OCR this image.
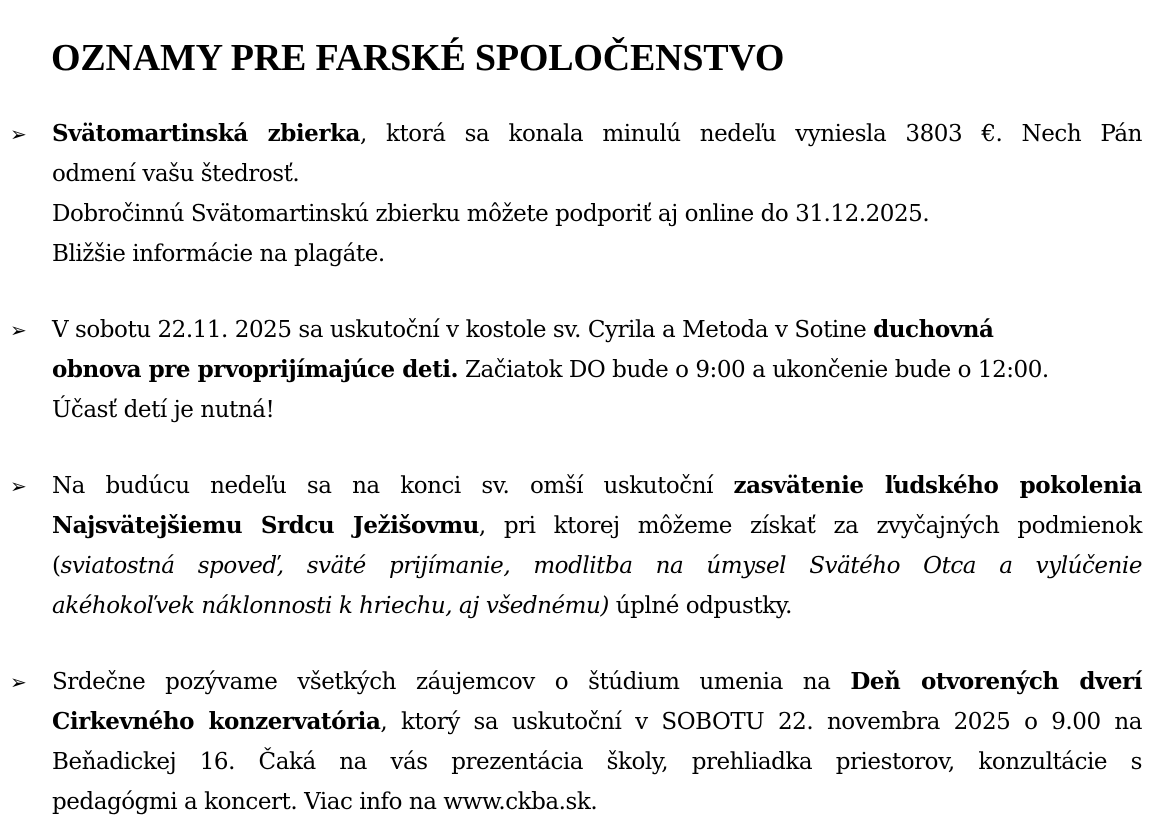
OZNAMY PRE FARSKÉ SPOLOČENSTVO
➢	Svätomartinská zbierka, ktorá sa konala minulú nedeľu vyniesla 3803 €. Nech Pán
odmení vašu štedrosť.
Dobročinnú Svätomartinskú zbierku môžete podporiť aj online do 31.12.2025.
Bližšie informácie na plagáte.
➢	V sobotu 22.11. 2025 sa uskutoční v kostole sv. Cyrila a Metoda v Sotine duchovná
obnova pre prvoprijímajúce deti. Začiatok DO bude o 9:00 a ukončenie bude o 12:00.
Účasť detí je nutná!
➢	Na budúcu nedeľu sa na konci sv. omší uskutoční zasvätenie ľudského pokolenia
Najsvätejšiemu Srdcu Ježišovmu, pri ktorej môžeme získať za zvyčajných podmienok
(sviatostná spoveď, sväté prijímanie, modlitba na úmysel Svätého Otca a vylúčenie
akéhokoľvek náklonnosti k hriechu, aj všednému) úplné odpustky.
➢	Srdečne pozývame všetkých záujemcov o štúdium umenia na Deň otvorených dverí
Cirkevného konzervatória, ktorý sa uskutoční v SOBOTU 22. novembra 2025 o 9.00 na
Beňadickej 16. Čaká na vás prezentácia školy, prehliadka priestorov, konzultácie s
pedagógmi a koncert. Viac info na www.ckba.sk.
